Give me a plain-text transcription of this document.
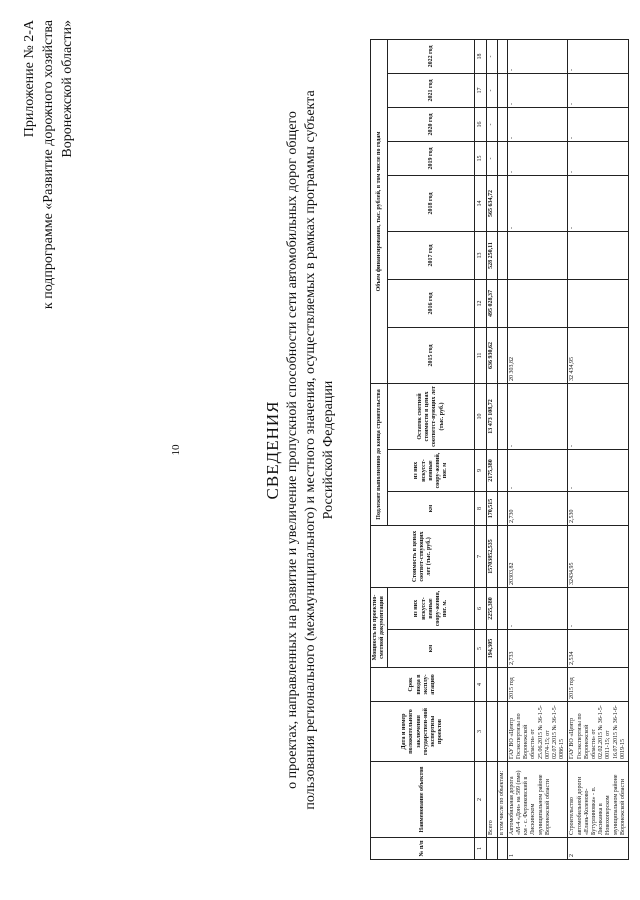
10
Приложение № 2-А к подпрограмме «Развитие дорожного хозяйства Воронежской области»
СВЕДЕНИЯ о проектах, направленных на развитие и увеличение пропускной способности сети автомобильных дорог общего пользования регионального (межмуниципального) и местного значения, осуществляемых в рамках программы субъекта Российской Федерации
№ п/п	Наименование объектов	Дата и номер положительного заключения государствен-ной экспертизы проектов	Срок ввода в эксплу-атацию	Мощность по проектно-сметной документации		Стоимость в ценах соответ-ствующих лет (тыс. руб.)	Подлежит выполнению до конца строительства			Объем финансирования, тыс. рублей, в том числе по годам							
				км	из них искусст-венные соору-жения, пог. м.		км	из них искусст-венные соору-жений, пог. м	Остаток сметной стоимости в ценах соответст-вующих лет (тыс. руб.)	2015 год	2016 год	2017 год	2018 год	2019 год	2020 год	2021 год	2022 год
1	2	3	4	5	6	7	8	9	10	11	12	13	14	15	16	17	18
	Всего			194,305	2255,380	15703852,535	170,515	2175,380	13 473 108,72	636 930,62	495 028,37	528 250,11	565 634,72	-	-	-	-
	в том числе по объектам:																
1	Автомобильная дорога «М-4 «Дон» на 589 (пмо) км - с. Ферзиковский в Лискинском муниципальном районе Воронежской области	ГАУ ВО «Центр Госэкспертизы по Воронежской области» от 25.06.2015 № 36-1-5-0074-15; от 02.07.2015 № 36-1-5-0086-15	2015 год	2,733	-	20303,82	2,730	-	-	20 303,82			-	-	-	-	-
2	Строительство автомобильной дороги «Елань-Коленово-Бутурлиновка» - п. Лисиканка в Новохоперском муниципальном районе Воронежской области	ГАУ ВО «Центр Госэкспертизы по Воронежской области» от 02.02.2015 № 36-1-5-0011-15; от 16.07.2015 № 36-1-6-0019-15	2015 год	2,534	-	32434,95	2,530	-	-	32 434,95			-	-	-	-	-
